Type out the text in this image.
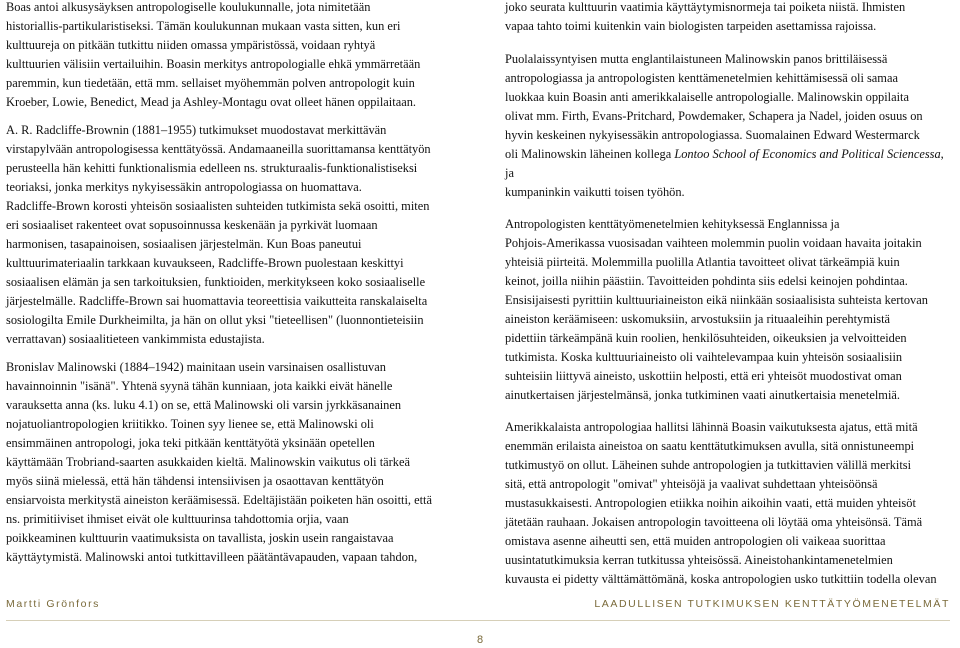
Boas antoi alkusysäyksen antropologiselle koulukunnalle, jota nimitetään
historiallis-partikularistiseksi. Tämän koulukunnan mukaan vasta sitten, kun eri
kulttuureja on pitkään tutkittu niiden omassa ympäristössä, voidaan ryhtyä
kulttuurien välisiin vertailuihin. Boasin merkitys antropologialle ehkä ymmärretään
paremmin, kun tiedetään, että mm. sellaiset myöhemmän polven antropologit kuin
Kroeber, Lowie, Benedict, Mead ja Ashley-Montagu ovat olleet hänen oppilaitaan.

A. R. Radcliffe-Brownin (1881–1955) tutkimukset muodostavat merkittävän
virstapylvään antropologisessa kenttätyössä. Andamaaneilla suorittamansa kenttätyön
perusteella hän kehitti funktionalismia edelleen ns. strukturaalis-funktionalistiseksi
teoriaksi, jonka merkitys nykyisessäkin antropologiassa on huomattava.
Radcliffe-Brown korosti yhteisön sosiaalisten suhteiden tutkimista sekä osoitti, miten
eri sosiaaliset rakenteet ovat sopusoinnussa keskenään ja pyrkivät luomaan
harmonisen, tasapainoisen, sosiaalisen järjestelmän. Kun Boas paneutui
kulttuurimateriaalin tarkkaan kuvaukseen, Radcliffe-Brown puolestaan keskittyi
sosiaalisen elämän ja sen tarkoituksien, funktioiden, merkitykseen koko sosiaaliselle
järjestelmälle. Radcliffe-Brown sai huomattavia teoreettisia vaikutteita ranskalaiselta
sosiologilta Emile Durkheimilta, ja hän on ollut yksi "tieteellisen" (luonnontieteisiin
verrattavan) sosiaalitieteen vankimmista edustajista.

Bronislav Malinowski (1884–1942) mainitaan usein varsinaisen osallistuvan
havainnoinnin "isänä". Yhtenä syynä tähän kunniaan, jota kaikki eivät hänelle
varauksetta anna (ks. luku 4.1) on se, että Malinowski oli varsin jyrkkäsanainen
nojatuoliantropologien kriitikko. Toinen syy lienee se, että Malinowski oli
ensimmäinen antropologi, joka teki pitkään kenttätyötä yksinään opetellen
käyttämään Trobriand-saarten asukkaiden kieltä. Malinowskin vaikutus oli tärkeä
myös siinä mielessä, että hän tähdensi intensiivisen ja osaottavan kenttätyön
ensiarvoista merkitystä aineiston keräämisessä. Edeltäjistään poiketen hän osoitti, että
ns. primitiiviset ihmiset eivät ole kulttuurinsa tahdottomia orjia, vaan
poikkeaminen kulttuurin vaatimuksista on tavallista, joskin usein rangaistavaa
käyttäytymistä. Malinowski antoi tutkittavilleen päätäntävapauden, vapaan tahdon,

joko seurata kulttuurin vaatimia käyttäytymisnormeja tai poiketa niistä. Ihmisten
vapaa tahto toimi kuitenkin vain biologisten tarpeiden asettamissa rajoissa.

Puolalaissyntyisen mutta englantilaistuneen Malinowskin panos brittiläisessä
antropologiassa ja antropologisten kenttämenetelmien kehittämisessä oli samaa
luokkaa kuin Boasin anti amerikkalaiselle antropologialle. Malinowskin oppilaita
olivat mm. Firth, Evans-Pritchard, Powdemaker, Schapera ja Nadel, joiden osuus on
hyvin keskeinen nykyisessäkin antropologiassa. Suomalainen Edward Westermarck
oli Malinowskin läheinen kollega Lontoo School of Economics and Political Sciencessa, ja
kumpaninkin vaikutti toisen työhön.

Antropologisten kenttätyömenetelmien kehityksessä Englannissa ja
Pohjois-Amerikassa vuosisadan vaihteen molemmin puolin voidaan havaita joitakin
yhteisiä piirteitä. Molemmilla puolilla Atlantia tavoitteet olivat tärkeämpiä kuin
keinot, joilla niihin päästiin. Tavoitteiden pohdinta siis edelsi keinojen pohdintaa.
Ensisijaisesti pyrittiin kulttuuriaineiston eikä niinkään sosiaalisista suhteista kertovan
aineiston keräämiseen: uskomuksiin, arvostuksiin ja rituaaleihin perehtymistä
pidettiin tärkeämpänä kuin roolien, henkilösuhteiden, oikeuksien ja velvoitteiden
tutkimista. Koska kulttuuriaineisto oli vaihtelevampaa kuin yhteisön sosiaalisiin
suhteisiin liittyvä aineisto, uskottiin helposti, että eri yhteisöt muodostivat oman
ainutkertaisen järjestelmänsä, jonka tutkiminen vaati ainutkertaisia menetelmiä.

Amerikkalaista antropologiaa hallitsi lähinnä Boasin vaikutuksesta ajatus, että mitä
enemmän erilaista aineistoa on saatu kenttätutkimuksen avulla, sitä onnistuneempi
tutkimustyö on ollut. Läheinen suhde antropologien ja tutkittavien välillä merkitsi
sitä, että antropologit "omivat" yhteisöjä ja vaalivat suhdettaan yhteisöönsä
mustasukkaisesti. Antropologien etiikka noihin aikoihin vaati, että muiden yhteisöt
jätetään rauhaan. Jokaisen antropologin tavoitteena oli löytää oma yhteisönsä. Tämä
omistava asenne aiheutti sen, että muiden antropologien oli vaikeaa suorittaa
uusintatutkimuksia kerran tutkitussa yhteisössä. Aineistohankintamenetelmien
kuvausta ei pidetty välttämättömänä, koska antropologien usko tutkittiin todella olevan

Martti Grönfors	LAADULLISEN TUTKIMUKSEN KENTTÄTYÖMENETELMÄT
8
